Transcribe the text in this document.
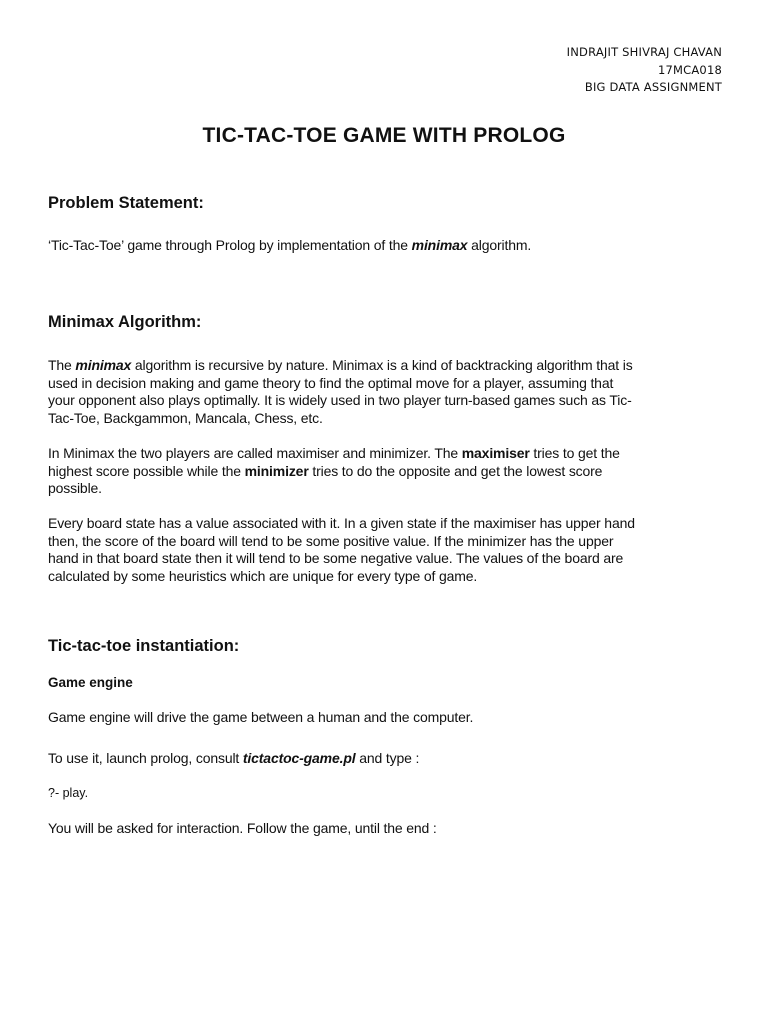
INDRAJIT SHIVRAJ CHAVAN
17MCA018
BIG DATA ASSIGNMENT
TIC-TAC-TOE GAME WITH PROLOG
Problem Statement:
‘Tic-Tac-Toe’ game through Prolog by implementation of the minimax algorithm.
Minimax Algorithm:
The minimax algorithm is recursive by nature. Minimax is a kind of backtracking algorithm that is
used in decision making and game theory to find the optimal move for a player, assuming that
your opponent also plays optimally. It is widely used in two player turn-based games such as Tic-
Tac-Toe, Backgammon, Mancala, Chess, etc.
In Minimax the two players are called maximiser and minimizer. The maximiser tries to get the
highest score possible while the minimizer tries to do the opposite and get the lowest score
possible.
Every board state has a value associated with it. In a given state if the maximiser has upper hand
then, the score of the board will tend to be some positive value. If the minimizer has the upper
hand in that board state then it will tend to be some negative value. The values of the board are
calculated by some heuristics which are unique for every type of game.
Tic-tac-toe instantiation:
Game engine
Game engine will drive the game between a human and the computer.
To use it, launch prolog, consult tictactoc-game.pl and type :
?- play.
You will be asked for interaction. Follow the game, until the end :
